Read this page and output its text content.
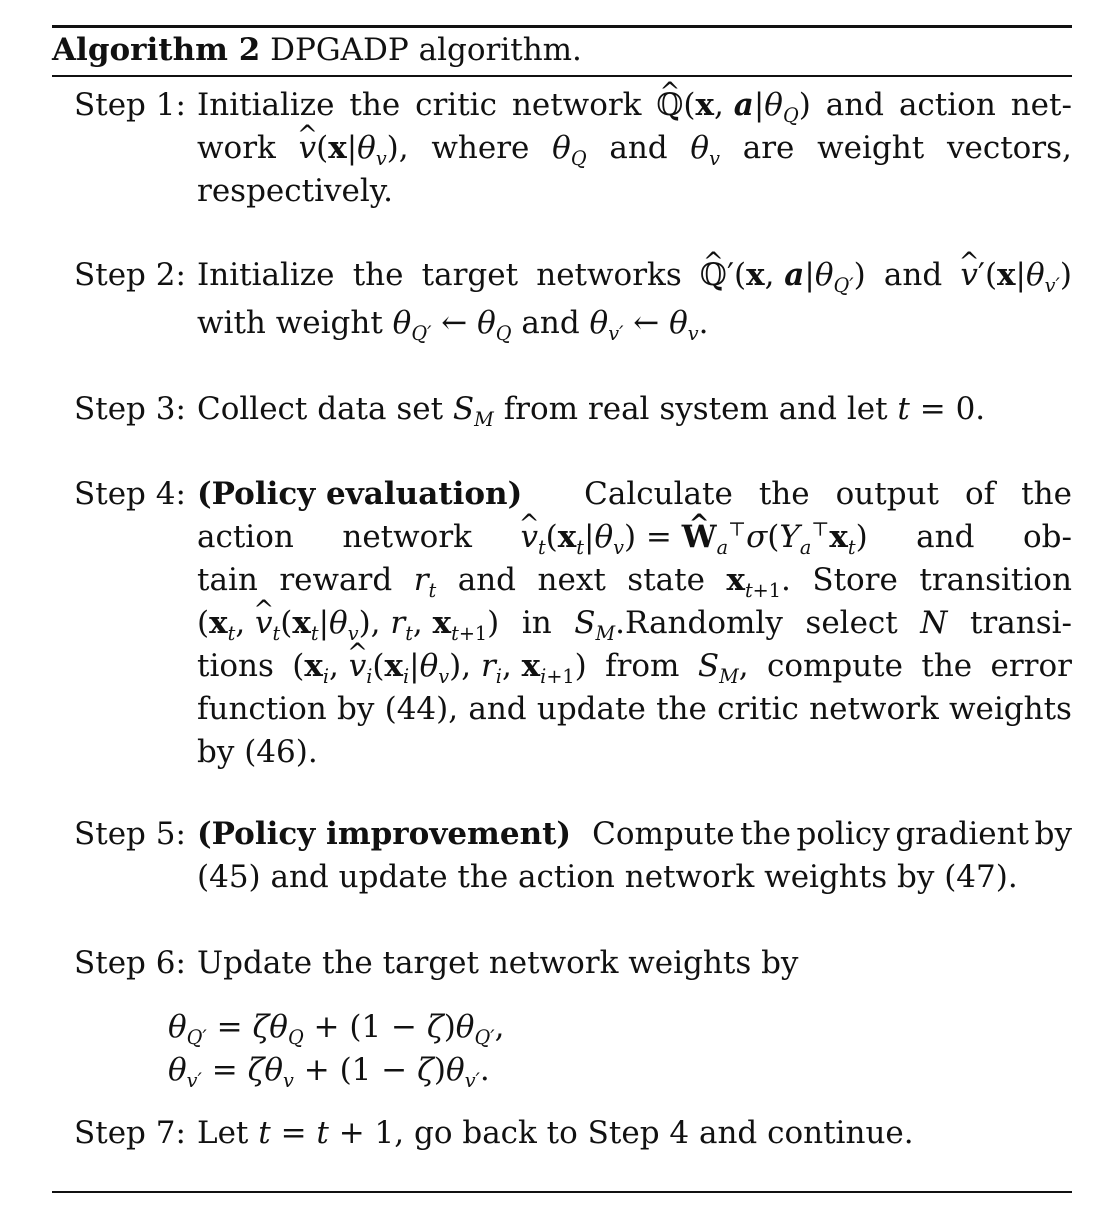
Algorithm 2 DPGADP algorithm.
Step 1: Initialize the critic network ^ ℚ(x, $a|\theta_Q$) and action net-
work ^ $v(x|\theta_v)$, where $\theta_Q$ and $\theta_v$ are weight vectors,
respectively.
Step 2: Initialize the target networks ^ ℚ′(x, $a|\theta_{Q'}$) and ^ $v'(x|\theta_{v'})$
with weight $\theta_{Q'}$ ← $\theta_Q$ and $\theta_{v'}$ ← $\theta_v$.
Step 3: Collect data set $S_M$ from real system and let t = 0.
Step 4: (Policy evaluation)
Calculate the output of the
action network ^ $v_t(x_t|\theta_v)$ = ^ $W_a^⊤\sigma(Y_a^⊤x_t)$ and ob-
tain reward $r_t$ and next state $x_{t+1}$. Store transition
($x_t$, ^ $v_t(x_t|\theta_v)$, $r_t$, $x_{t+1}$) in $S_M.Randomly$ select N transi-
tions ($x_i$, ^ $v_i(x_i|\theta_v)$, $r_i$, $x_{i+1}$) from $S_M$, compute the error
function by (44), and update the critic network weights
by (46).
Step 5: (Policy improvement)
Compute the policy gradient by
(45) and update the action network weights by (47).
Step 6: Update the target network weights by
$\theta_{Q'} = \zeta\theta_Q + (1 - \zeta)\theta_{Q'}$,
$\theta_{v'} = \zeta\theta_v + (1 - \zeta)\theta_{v'}$.
Step 7: Let t = t + 1, go back to Step 4 and continue.
